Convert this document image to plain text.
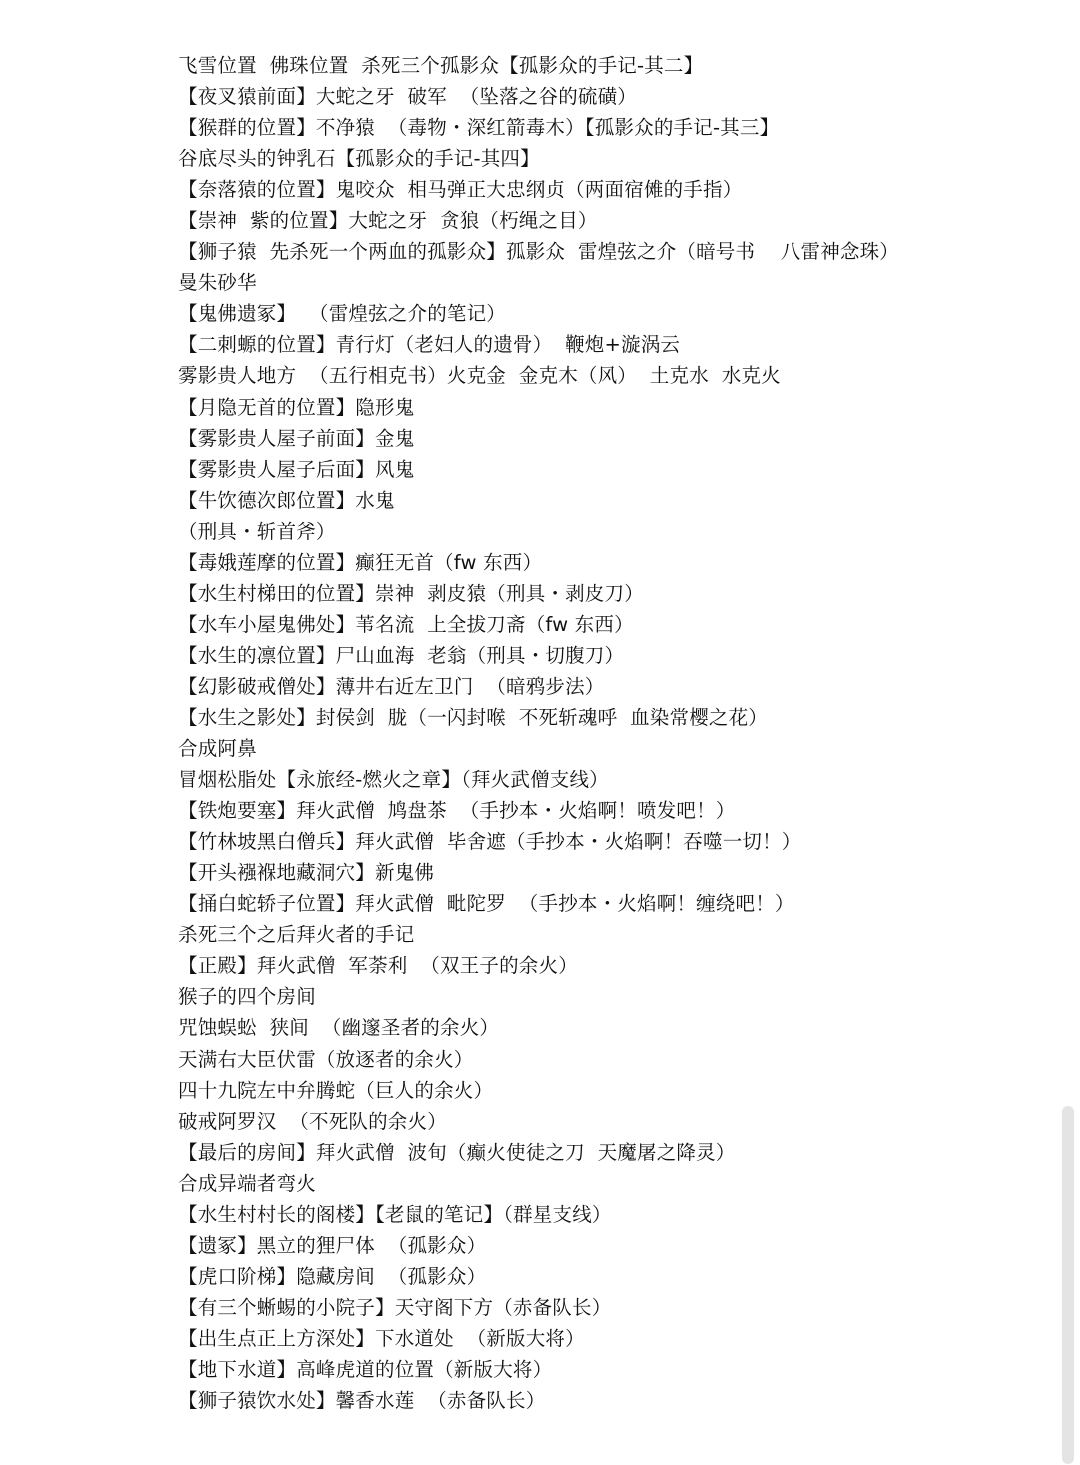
飞雪位置  佛珠位置  杀死三个孤影众【孤影众的手记-其二】
【夜叉猿前面】大蛇之牙  破军  （坠落之谷的硫磺）
【猴群的位置】不净猿  （毒物・深红箭毒木）【孤影众的手记-其三】
谷底尽头的钟乳石【孤影众的手记-其四】
【奈落猿的位置】鬼咬众  相马弹正大忠纲贞（两面宿傩的手指）
【崇神  紫的位置】大蛇之牙  贪狼（朽绳之目）
【狮子猿  先杀死一个两血的孤影众】孤影众  雷煌弦之介（暗号书    八雷神念珠）
曼朱砂华
【鬼佛遗冢】  （雷煌弦之介的笔记）
【二刺螈的位置】青行灯（老妇人的遗骨）  鞭炮+漩涡云
雾影贵人地方  （五行相克书）火克金  金克木（风）  土克水  水克火
【月隐无首的位置】隐形鬼
【雾影贵人屋子前面】金鬼
【雾影贵人屋子后面】风鬼
【牛饮德次郎位置】水鬼
（刑具・斩首斧）
【毒娥莲摩的位置】癫狂无首（fw 东西）
【水生村梯田的位置】崇神  剥皮猿（刑具・剥皮刀）
【水车小屋鬼佛处】苇名流  上全拔刀斋（fw 东西）
【水生的凛位置】尸山血海  老翁（刑具・切腹刀）
【幻影破戒僧处】薄井右近左卫门  （暗鸦步法）
【水生之影处】封侯剑  胧（一闪封喉  不死斩魂呼  血染常樱之花）
合成阿鼻
冒烟松脂处【永旅经-燃火之章】（拜火武僧支线）
【铁炮要塞】拜火武僧  鸠盘茶  （手抄本・火焰啊！喷发吧！）
【竹林坡黑白僧兵】拜火武僧  毕舍遮（手抄本・火焰啊！吞噬一切！）
【开头襁褓地藏洞穴】新鬼佛
【捅白蛇轿子位置】拜火武僧  毗陀罗  （手抄本・火焰啊！缠绕吧！）
杀死三个之后拜火者的手记
【正殿】拜火武僧  军荼利  （双王子的余火）
猴子的四个房间
咒蚀蜈蚣  狭间  （幽邃圣者的余火）
天满右大臣伏雷（放逐者的余火）
四十九院左中弁腾蛇（巨人的余火）
破戒阿罗汉  （不死队的余火）
【最后的房间】拜火武僧  波旬（癫火使徒之刀  天魔屠之降灵）
合成异端者弯火
【水生村村长的阁楼】【老鼠的笔记】（群星支线）
【遗冢】黑立的狸尸体  （孤影众）
【虎口阶梯】隐藏房间  （孤影众）
【有三个蜥蜴的小院子】天守阁下方（赤备队长）
【出生点正上方深处】下水道处  （新版大将）
【地下水道】高峰虎道的位置（新版大将）
【狮子猿饮水处】馨香水莲  （赤备队长）
